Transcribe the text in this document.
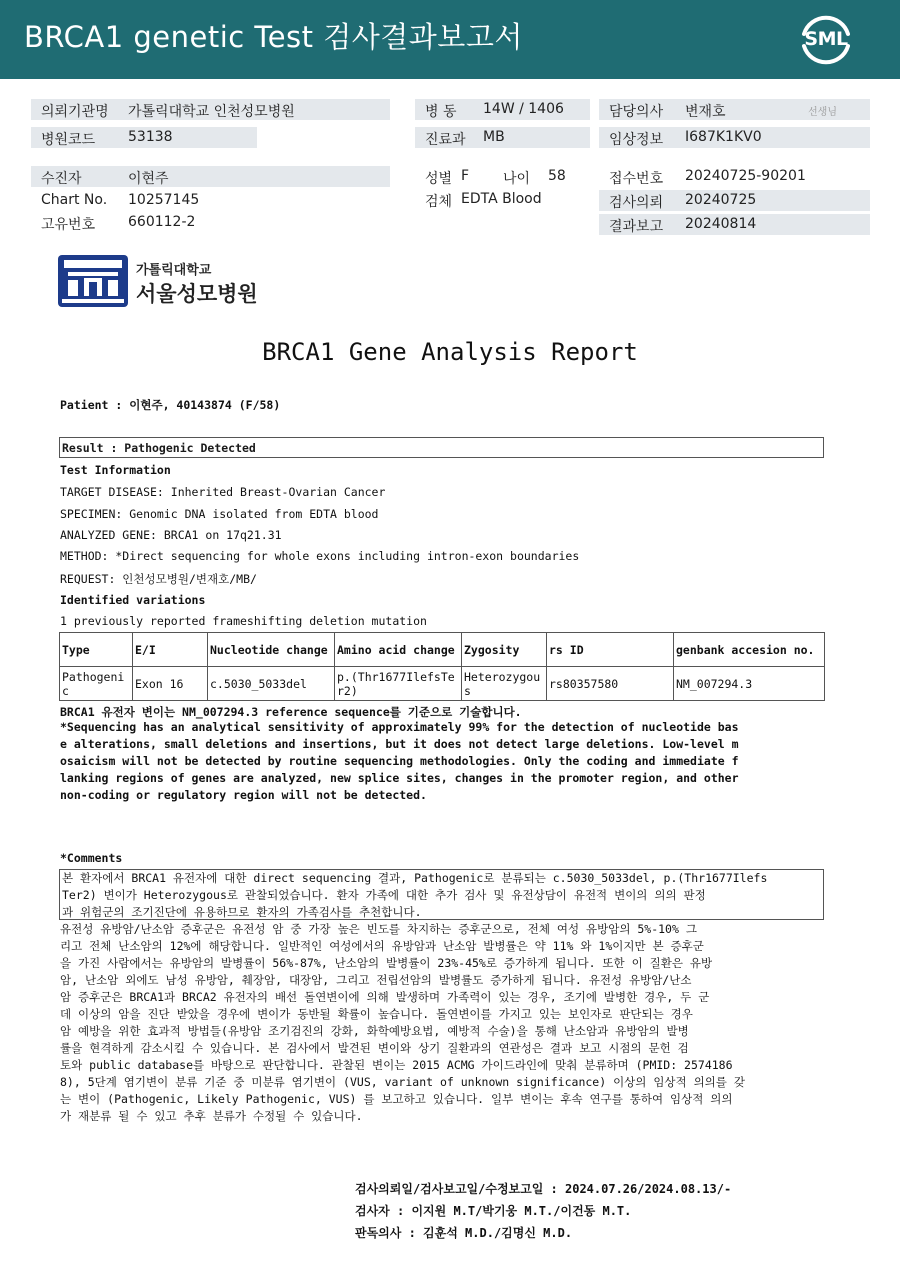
BRCA1 genetic Test 검사결과보고서	SML
의뢰기관명 가톨릭대학교 인천성모병원
병원코드 53138
수진자	이현주
Chart No. 10257145
고유번호 660112-2
병 동 14W / 1406
진료과 MB
성별 F 나이 58
검체 EDTA Blood
담당의사 변재호	선생님
임상정보 I687K1KV0
접수번호 20240725-90201
검사의뢰 20240725
결과보고 20240814
가톨릭대학교
서울성모병원
BRCA1 Gene Analysis Report
Patient : 이현주, 40143874 (F/58)
Result : Pathogenic Detected
Test Information
TARGET DISEASE: Inherited Breast-Ovarian Cancer
SPECIMEN: Genomic DNA isolated from EDTA blood
ANALYZED GENE: BRCA1 on 17q21.31
METHOD: *Direct sequencing for whole exons including intron-exon boundaries
REQUEST: 인천성모병원/변재호/MB/
Identified variations
1 previously reported frameshifting deletion mutation
Type	E/I	Nucleotide change	Amino acid change	Zygosity	rs ID	genbank accesion no.
Pathogenic	Exon 16	c.5030_5033del	p.(Thr1677IlefsTer2)	Heterozygous	rs80357580	NM_007294.3
BRCA1 유전자 변이는 NM_007294.3 reference sequence를 기준으로 기술합니다.
*Sequencing has an analytical sensitivity of approximately 99% for the detection of nucleotide bas
e alterations, small deletions and insertions, but it does not detect large deletions. Low-level m
osaicism will not be detected by routine sequencing methodologies. Only the coding and immediate f
lanking regions of genes are analyzed, new splice sites, changes in the promoter region, and other
non-coding or regulatory region will not be detected.
*Comments
본 환자에서 BRCA1 유전자에 대한 direct sequencing 결과, Pathogenic로 분류되는 c.5030_5033del, p.(Thr1677Ilefs
Ter2) 변이가 Heterozygous로 관찰되었습니다. 환자 가족에 대한 추가 검사 및 유전상담이 유전적 변이의 의의 판정
과 위험군의 조기진단에 유용하므로 환자의 가족검사를 추천합니다.
유전성 유방암/난소암 증후군은 유전성 암 중 가장 높은 빈도를 차지하는 증후군으로, 전체 여성 유방암의 5%-10% 그
리고 전체 난소암의 12%에 해당합니다. 일반적인 여성에서의 유방암과 난소암 발병률은 약 11% 와 1%이지만 본 증후군
을 가진 사람에서는 유방암의 발병률이 56%-87%, 난소암의 발병률이 23%-45%로 증가하게 됩니다. 또한 이 질환은 유방
암, 난소암 외에도 남성 유방암, 췌장암, 대장암, 그리고 전립선암의 발병률도 증가하게 됩니다. 유전성 유방암/난소
암 증후군은 BRCA1과 BRCA2 유전자의 배선 돌연변이에 의해 발생하며 가족력이 있는 경우, 조기에 발병한 경우, 두 군
데 이상의 암을 진단 받았을 경우에 변이가 동반될 확률이 높습니다. 돌연변이를 가지고 있는 보인자로 판단되는 경우
암 예방을 위한 효과적 방법들(유방암 조기검진의 강화, 화학예방요법, 예방적 수술)을 통해 난소암과 유방암의 발병
률을 현격하게 감소시킬 수 있습니다. 본 검사에서 발견된 변이와 상기 질환과의 연관성은 결과 보고 시점의 문헌 검
토와 public database를 바탕으로 판단합니다. 관찰된 변이는 2015 ACMG 가이드라인에 맞춰 분류하며 (PMID: 2574186
8), 5단계 염기변이 분류 기준 중 미분류 염기변이 (VUS, variant of unknown significance) 이상의 임상적 의의를 갖
는 변이 (Pathogenic, Likely Pathogenic, VUS) 를 보고하고 있습니다. 일부 변이는 후속 연구를 통하여 임상적 의의
가 재분류 될 수 있고 추후 분류가 수정될 수 있습니다.
검사의뢰일/검사보고일/수정보고일 : 2024.07.26/2024.08.13/-
검사자 : 이지원 M.T/박기웅 M.T./이건동 M.T.
판독의사 : 김훈석 M.D./김명신 M.D.
